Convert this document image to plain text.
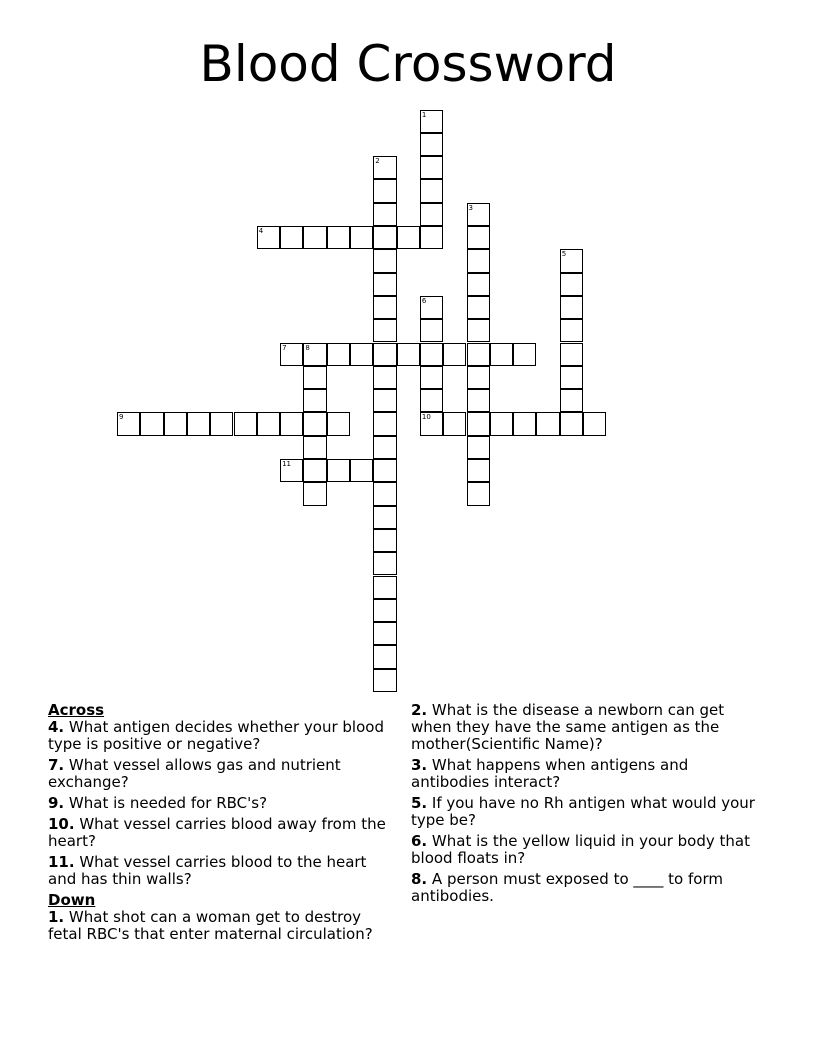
Blood Crossword
1
2
3
4
5
6
10
7	8
9
11

Across

4. What antigen decides whether your blood type is positive or negative?

7. What vessel allows gas and nutrient exchange?

9. What is needed for RBC's?

10. What vessel carries blood away from the heart?

11. What vessel carries blood to the heart and has thin walls?

Down

1. What shot can a woman get to destroy fetal RBC's that enter maternal circulation?

2. What is the disease a newborn can get when they have the same antigen as the mother(Scientific Name)?

3. What happens when antigens and antibodies interact?

5. If you have no Rh antigen what would your type be?

6. What is the yellow liquid in your body that blood floats in?

8. A person must exposed to ____ to form antibodies.
